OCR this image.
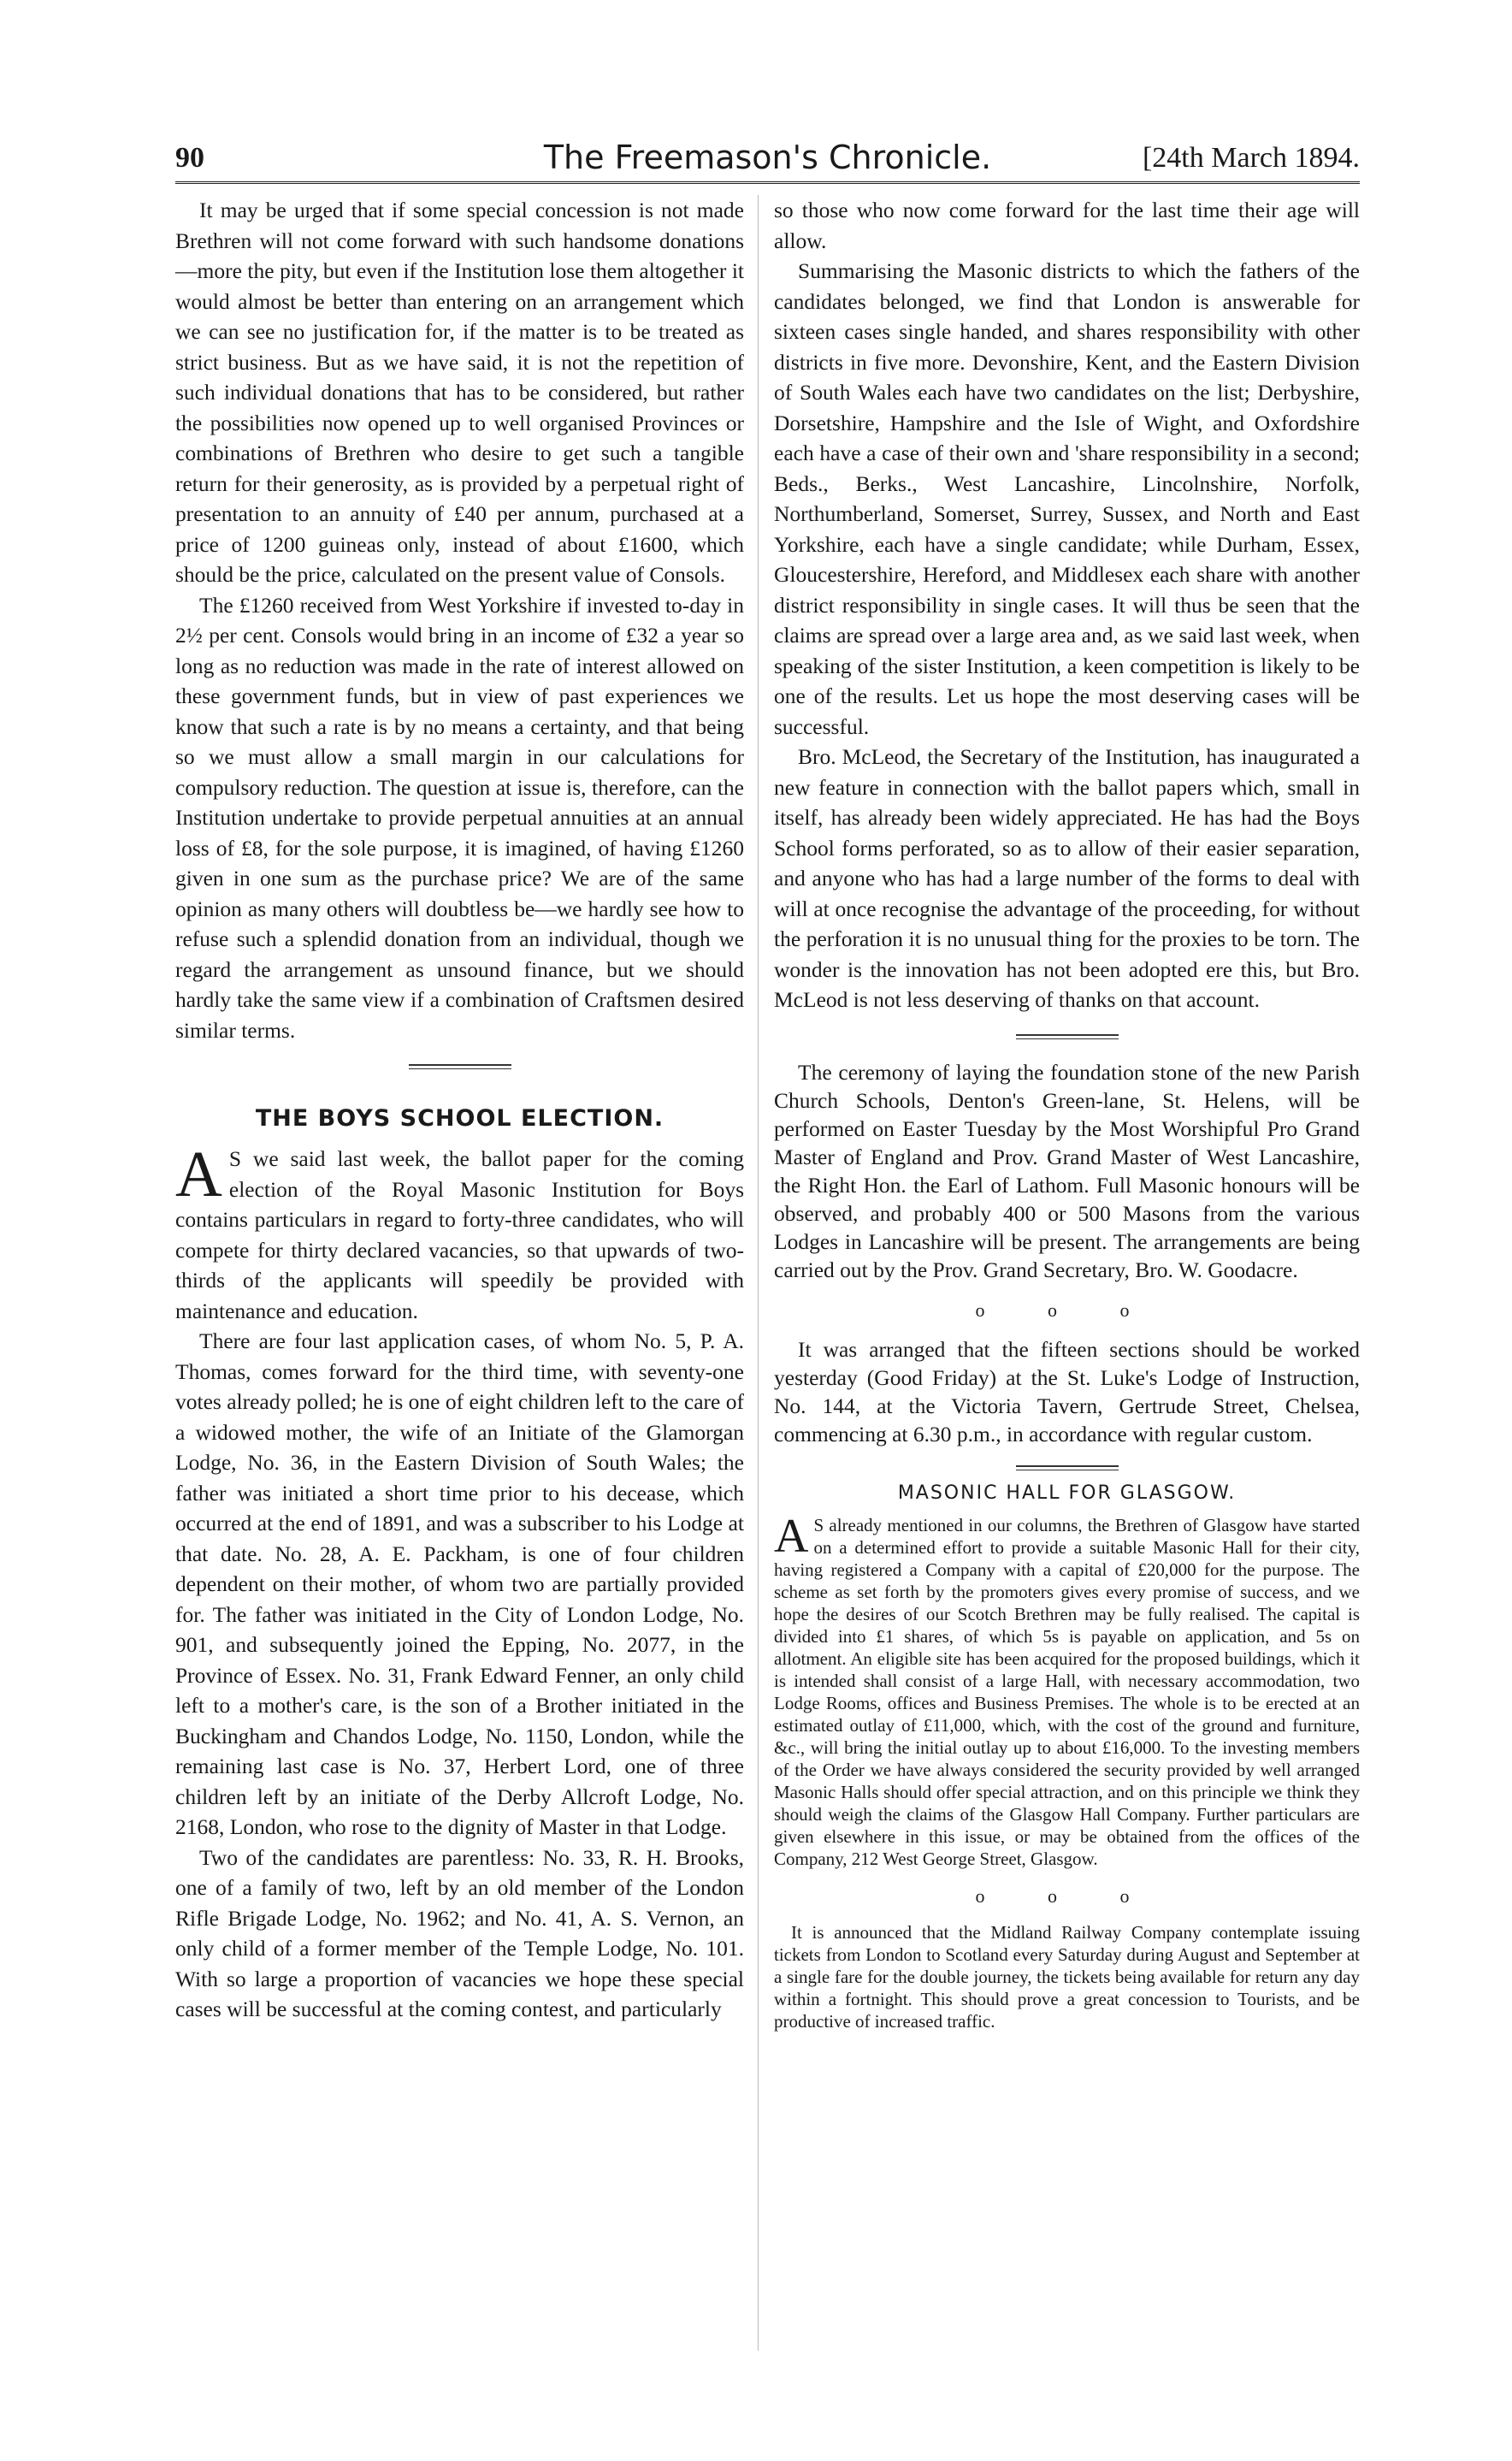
90	The Freemason's Chronicle.	[24th March 1894.

It may be urged that if some special concession is not made Brethren will not come forward with such handsome donations—more the pity, but even if the Institution lose them altogether it would almost be better than entering on an arrangement which we can see no justification for, if the matter is to be treated as strict business. But as we have said, it is not the repetition of such individual donations that has to be considered, but rather the possibilities now opened up to well organised Provinces or combinations of Brethren who desire to get such a tangible return for their generosity, as is provided by a perpetual right of presentation to an annuity of £40 per annum, purchased at a price of 1200 guineas only, instead of about £1600, which should be the price, calculated on the present value of Consols.

The £1260 received from West Yorkshire if invested to-day in 2½ per cent. Consols would bring in an income of £32 a year so long as no reduction was made in the rate of interest allowed on these government funds, but in view of past experiences we know that such a rate is by no means a certainty, and that being so we must allow a small margin in our calculations for compulsory reduction. The question at issue is, therefore, can the Institution undertake to provide perpetual annuities at an annual loss of £8, for the sole purpose, it is imagined, of having £1260 given in one sum as the purchase price? We are of the same opinion as many others will doubtless be—we hardly see how to refuse such a splendid donation from an individual, though we regard the arrangement as unsound finance, but we should hardly take the same view if a combination of Craftsmen desired similar terms.

THE BOYS SCHOOL ELECTION.

A S we said last week, the ballot paper for the coming election of the Royal Masonic Institution for Boys contains particulars in regard to forty-three candidates, who will compete for thirty declared vacancies, so that upwards of two-thirds of the applicants will speedily be provided with maintenance and education.

There are four last application cases, of whom No. 5, P. A. Thomas, comes forward for the third time, with seventy-one votes already polled; he is one of eight children left to the care of a widowed mother, the wife of an Initiate of the Glamorgan Lodge, No. 36, in the Eastern Division of South Wales; the father was initiated a short time prior to his decease, which occurred at the end of 1891, and was a subscriber to his Lodge at that date. No. 28, A. E. Packham, is one of four children dependent on their mother, of whom two are partially provided for. The father was initiated in the City of London Lodge, No. 901, and subsequently joined the Epping, No. 2077, in the Province of Essex. No. 31, Frank Edward Fenner, an only child left to a mother's care, is the son of a Brother initiated in the Buckingham and Chandos Lodge, No. 1150, London, while the remaining last case is No. 37, Herbert Lord, one of three children left by an initiate of the Derby Allcroft Lodge, No. 2168, London, who rose to the dignity of Master in that Lodge.

Two of the candidates are parentless: No. 33, R. H. Brooks, one of a family of two, left by an old member of the London Rifle Brigade Lodge, No. 1962; and No. 41, A. S. Vernon, an only child of a former member of the Temple Lodge, No. 101. With so large a proportion of vacancies we hope these special cases will be successful at the coming contest, and particularly

so those who now come forward for the last time their age will allow.

Summarising the Masonic districts to which the fathers of the candidates belonged, we find that London is answerable for sixteen cases single handed, and shares responsibility with other districts in five more. Devonshire, Kent, and the Eastern Division of South Wales each have two candidates on the list; Derbyshire, Dorsetshire, Hampshire and the Isle of Wight, and Oxfordshire each have a case of their own and 'share responsibility in a second; Beds., Berks., West Lancashire, Lincolnshire, Norfolk, Northumberland, Somerset, Surrey, Sussex, and North and East Yorkshire, each have a single candidate; while Durham, Essex, Gloucestershire, Hereford, and Middlesex each share with another district responsibility in single cases. It will thus be seen that the claims are spread over a large area and, as we said last week, when speaking of the sister Institution, a keen competition is likely to be one of the results. Let us hope the most deserving cases will be successful.

Bro. McLeod, the Secretary of the Institution, has inaugurated a new feature in connection with the ballot papers which, small in itself, has already been widely appreciated. He has had the Boys School forms perforated, so as to allow of their easier separation, and anyone who has had a large number of the forms to deal with will at once recognise the advantage of the proceeding, for without the perforation it is no unusual thing for the proxies to be torn. The wonder is the innovation has not been adopted ere this, but Bro. McLeod is not less deserving of thanks on that account.

The ceremony of laying the foundation stone of the new Parish Church Schools, Denton's Green-lane, St. Helens, will be performed on Easter Tuesday by the Most Worshipful Pro Grand Master of England and Prov. Grand Master of West Lancashire, the Right Hon. the Earl of Lathom. Full Masonic honours will be observed, and probably 400 or 500 Masons from the various Lodges in Lancashire will be present. The arrangements are being carried out by the Prov. Grand Secretary, Bro. W. Goodacre.

o o o

It was arranged that the fifteen sections should be worked yesterday (Good Friday) at the St. Luke's Lodge of Instruction, No. 144, at the Victoria Tavern, Gertrude Street, Chelsea, commencing at 6.30 p.m., in accordance with regular custom.

MASONIC HALL FOR GLASGOW.

A S already mentioned in our columns, the Brethren of Glasgow have started on a determined effort to provide a suitable Masonic Hall for their city, having registered a Company with a capital of £20,000 for the purpose. The scheme as set forth by the promoters gives every promise of success, and we hope the desires of our Scotch Brethren may be fully realised. The capital is divided into £1 shares, of which 5s is payable on application, and 5s on allotment. An eligible site has been acquired for the proposed buildings, which it is intended shall consist of a large Hall, with necessary accommodation, two Lodge Rooms, offices and Business Premises. The whole is to be erected at an estimated outlay of £11,000, which, with the cost of the ground and furniture, &c., will bring the initial outlay up to about £16,000. To the investing members of the Order we have always considered the security provided by well arranged Masonic Halls should offer special attraction, and on this principle we think they should weigh the claims of the Glasgow Hall Company. Further particulars are given elsewhere in this issue, or may be obtained from the offices of the Company, 212 West George Street, Glasgow.

o o o

It is announced that the Midland Railway Company contemplate issuing tickets from London to Scotland every Saturday during August and September at a single fare for the double journey, the tickets being available for return any day within a fortnight. This should prove a great concession to Tourists, and be productive of increased traffic.
